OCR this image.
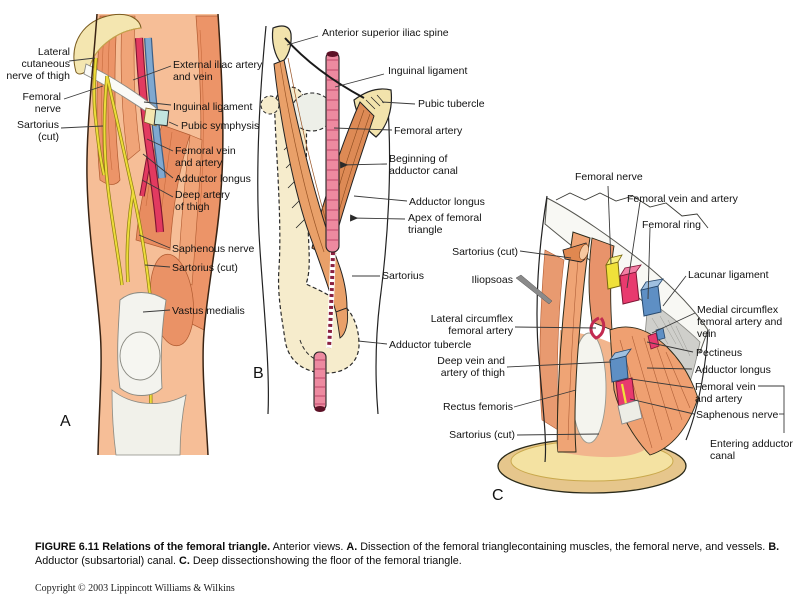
Lateral cutaneous nerve of thigh
Femoral nerve
Sartorius (cut)
External iliac artery and vein
Inguinal ligament
Pubic symphysis
Femoral vein and artery
Adductor longus
Deep artery of thigh
Saphenous nerve
Sartorius (cut)
Vastus medialis
A
Anterior superior iliac spine
Inguinal ligament
Pubic tubercle
Femoral artery
Beginning of adductor canal
Adductor longus
Apex of femoral triangle
Sartorius
Adductor tubercle
B
Femoral nerve
Femoral vein and artery
Femoral ring
Lacunar ligament
Medial circumflex femoral artery and vein
Pectineus
Adductor longus
Femoral vein and artery
Saphenous nerve
Entering adductor canal
Sartorius (cut)
Iliopsoas
Lateral circumflex femoral artery
Deep vein and artery of thigh
Rectus femoris
Sartorius (cut)
C
FIGURE 6.11 Relations of the femoral triangle. Anterior views. A. Dissection of the femoral trianglecontaining muscles, the femoral nerve, and vessels. B. Adductor (subsartorial) canal. C. Deep dissectionshowing the floor of the femoral triangle.
Copyright © 2003 Lippincott Williams & Wilkins
